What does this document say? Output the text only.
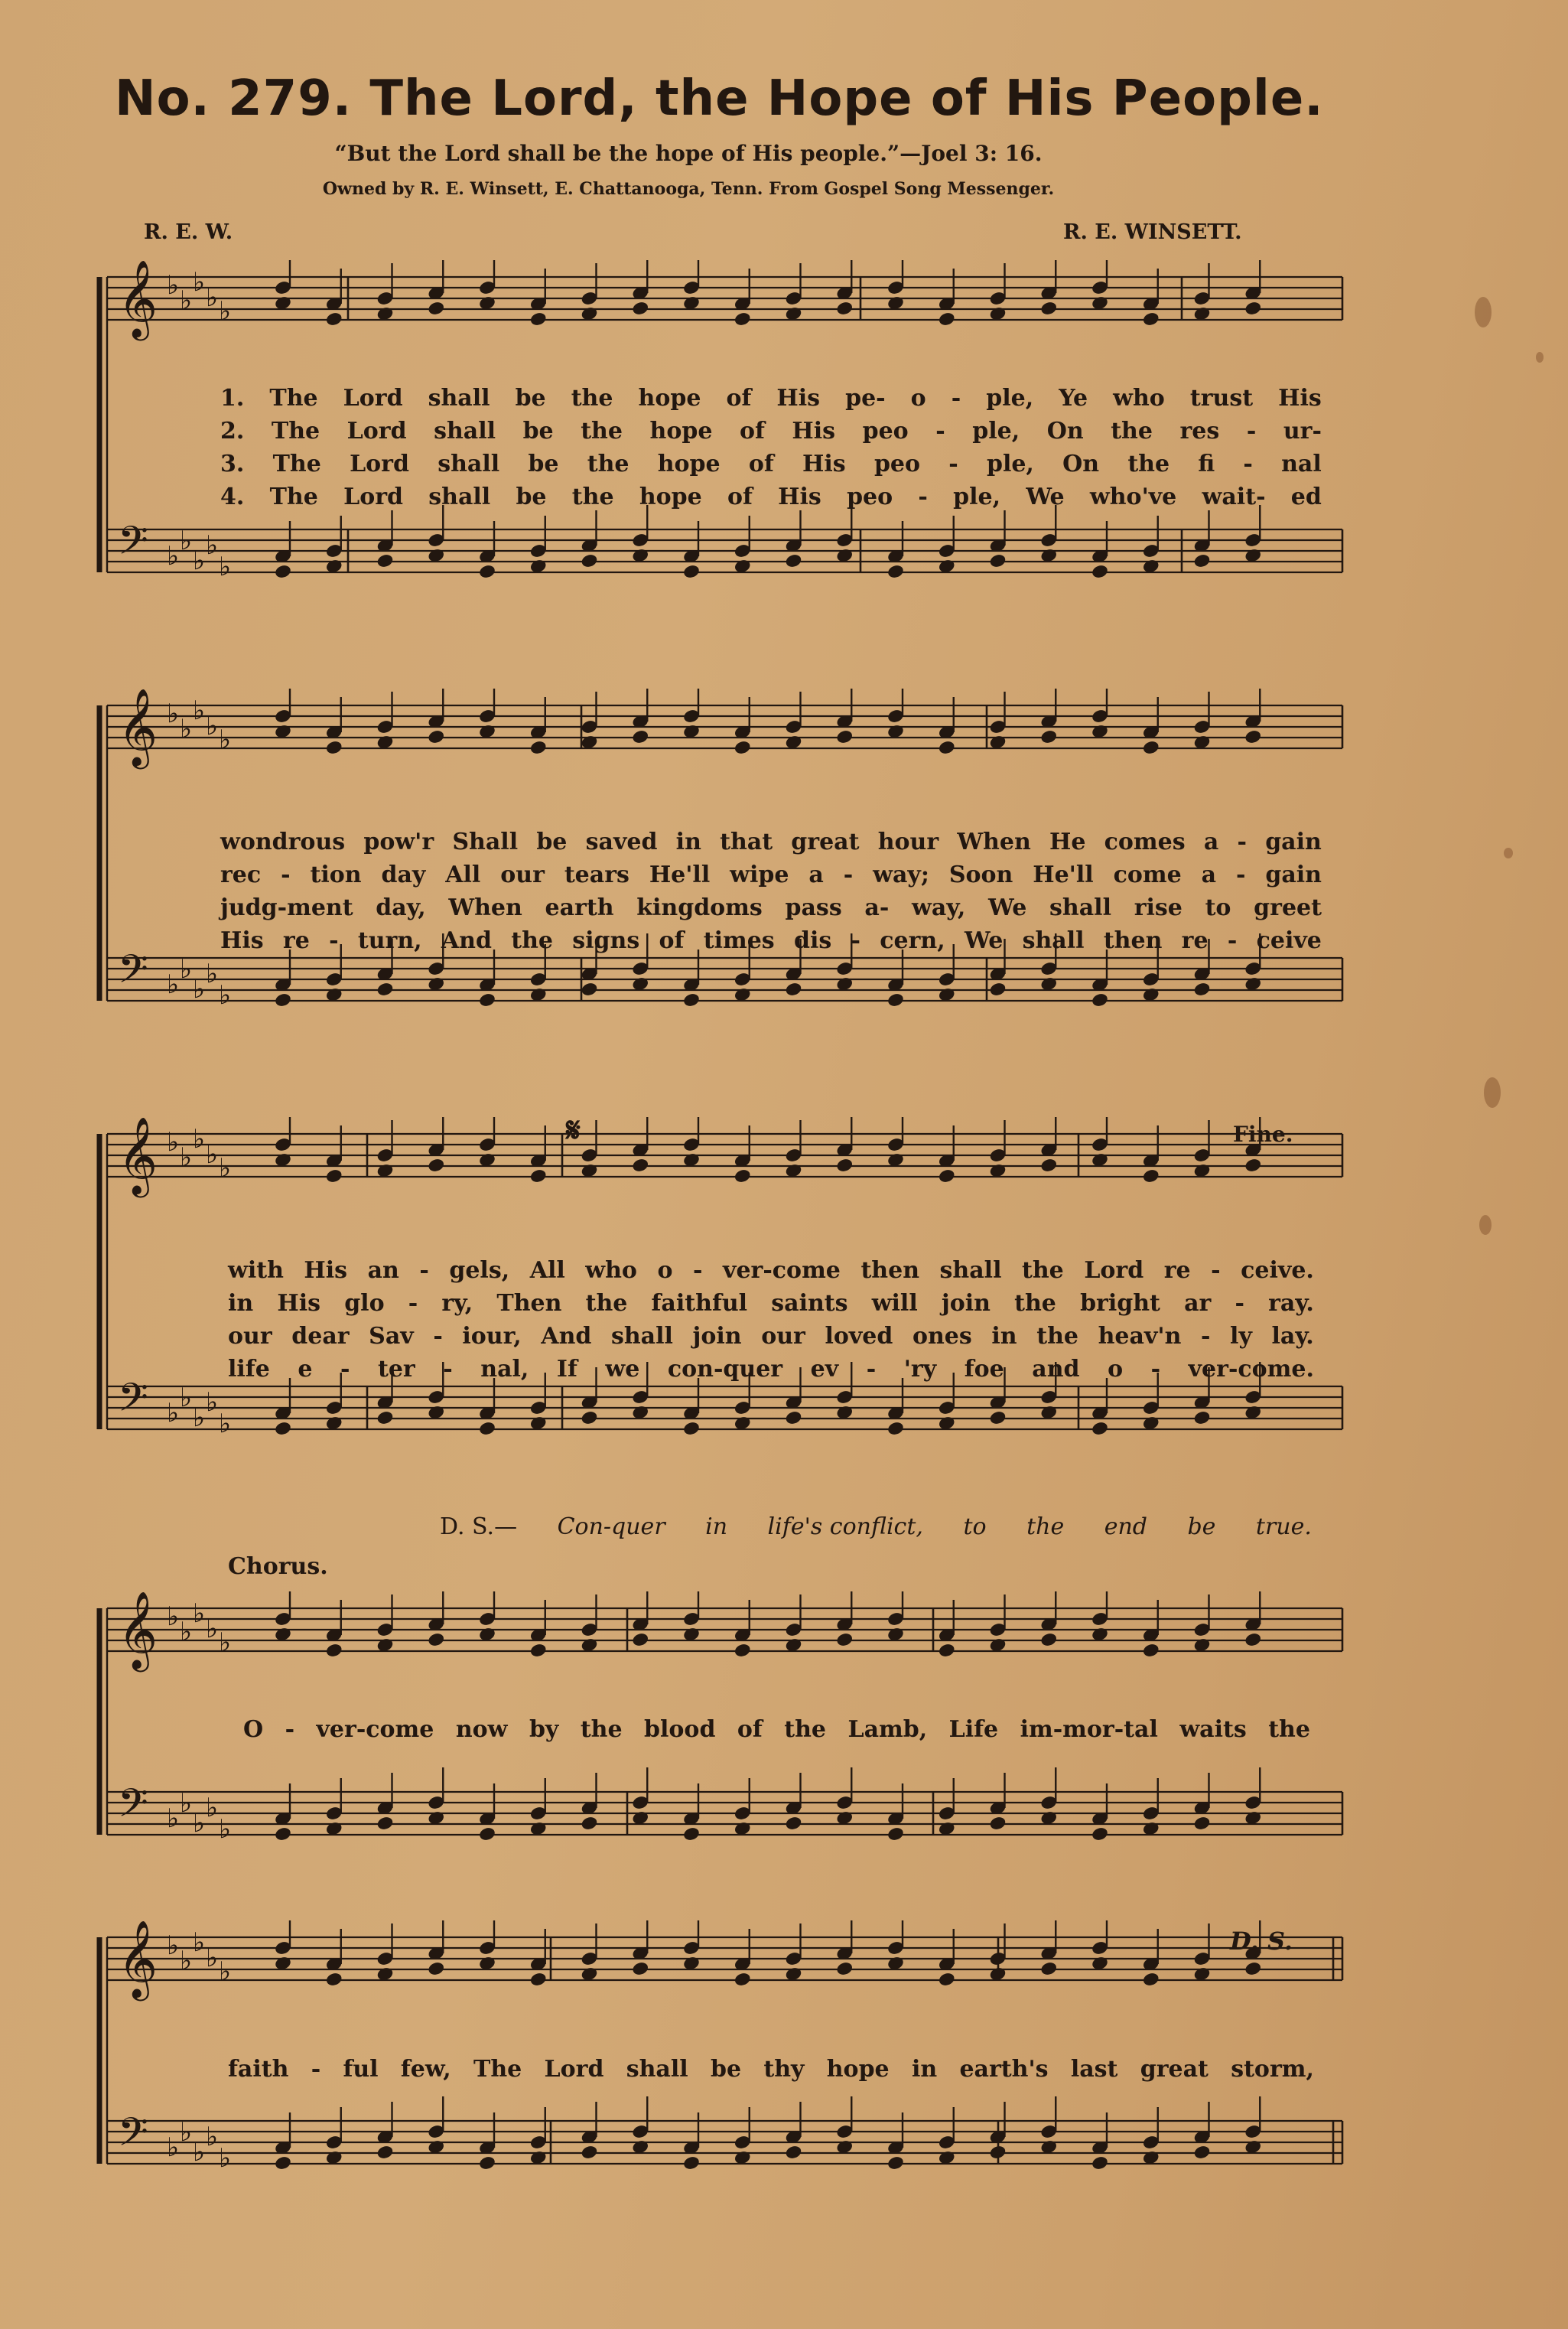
No. 279. The Lord, the Hope of His People.
“But the Lord shall be the hope of His people.”—Joel 3: 16.
Owned by R. E. Winsett, E. Chattanooga, Tenn. From Gospel Song Messenger.
R. E. W.	R. E. WINSETT.
𝄞 ♭ ♭
♭ ♭ ♭
𝄢 ♭ ♭
♭ ♭
♭
𝄞 ♭ ♭
♭ ♭ ♭
𝄢 ♭ ♭
♭ ♭
♭
𝄞 ♭ ♭
♭ ♭ ♭
𝄢 ♭ ♭
♭ ♭
♭
𝄞 ♭ ♭
♭ ♭ ♭
𝄢 ♭ ♭
♭ ♭
♭
𝄞 ♭ ♭
♭ ♭ ♭
𝄢 ♭ ♭
♭ ♭
♭
1. The Lord shall be the hope of His pe- o - ple, Ye who trust His
2. The Lord shall be the hope of His peo - ple, On the res - ur-
3. The Lord shall be the hope of His peo - ple, On the fi - nal
4. The Lord shall be the hope of His peo - ple, We who've wait- ed
wondrous pow'r Shall be saved in that great hour When He comes a - gain
rec - tion day All our tears He'll wipe a - way; Soon He'll come a - gain
judg-ment day, When earth kingdoms pass a- way, We shall rise to greet
His re - turn, And the signs of times dis - cern, We shall then re - ceive
with His an - gels, All who o - ver-come then shall the Lord re - ceive.
in His glo - ry, Then the faithful saints will join the bright ar - ray.
our dear Sav - iour, And shall join our loved ones in the heav'n - ly lay.
life e - ter - nal, If we con-quer ev - 'ry foe and o - ver-come.
O - ver-come now by the blood of the Lamb, Life im-mor-tal waits the
faith - ful few, The Lord shall be thy hope in earth's last great storm,
D. S.— Con-quer in life's conflict, to the end be true.
𝄋	Fine.
Chorus.
D. S.
